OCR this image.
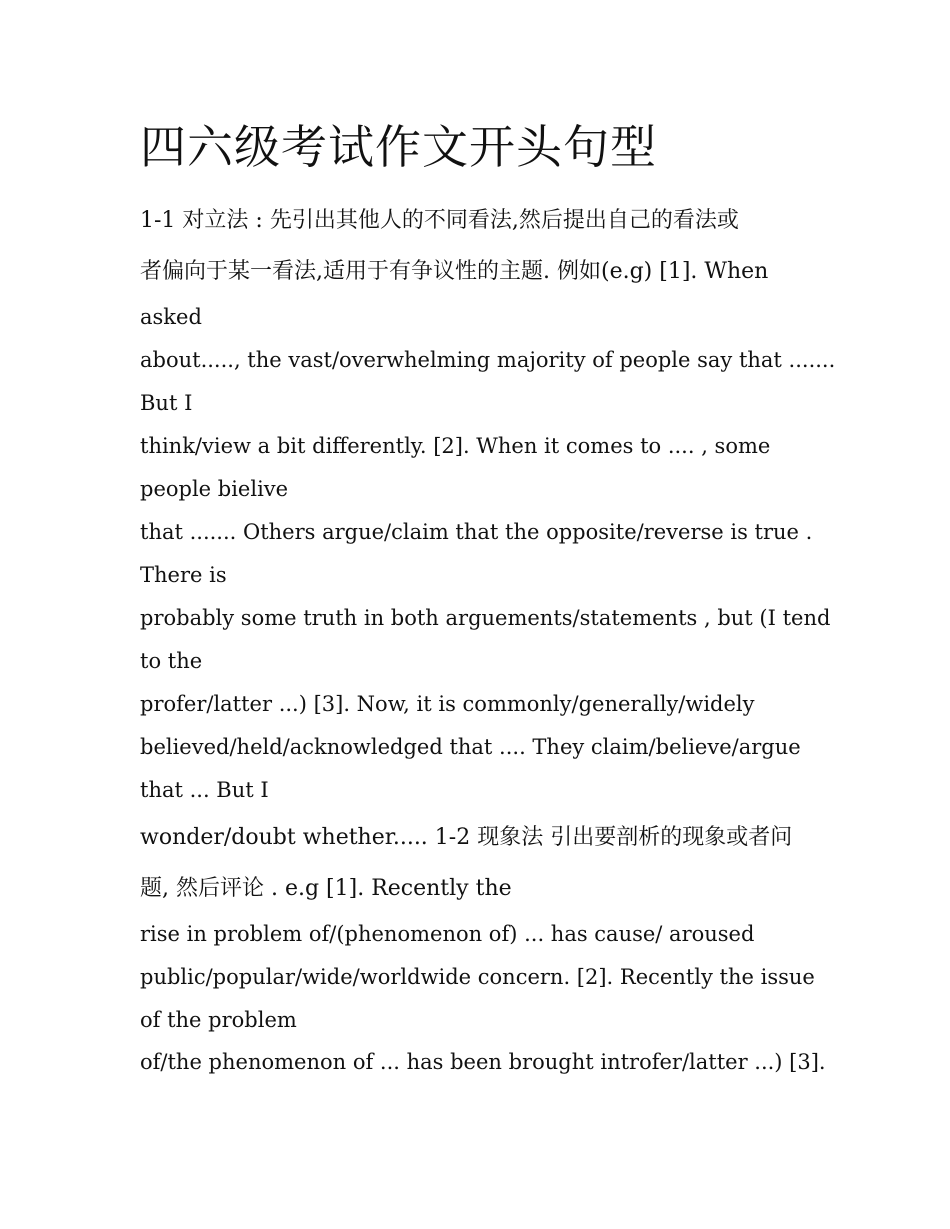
四六级考试作文开头句型

1-1 对立法 : 先引出其他人的不同看法,然后提出自己的看法或

者偏向于某一看法,适用于有争议性的主题. 例如(e.g) [1]. When

asked

about....., the vast/overwhelming majority of people say that .......

But I

think/view a bit differently. [2]. When it comes to .... , some

people bielive

that ....... Others argue/claim that the opposite/reverse is true .

There is

probably some truth in both arguements/statements , but (I tend

to the

profer/latter ...) [3]. Now, it is commonly/generally/widely

believed/held/acknowledged that .... They claim/believe/argue

that ... But I

wonder/doubt whether..... 1-2 现象法 引出要剖析的现象或者问

题, 然后评论 . e.g [1]. Recently the

rise in problem of/(phenomenon of) ... has cause/ aroused

public/popular/wide/worldwide concern. [2]. Recently the issue

of the problem

of/the phenomenon of ... has been brought introfer/latter ...) [3].
